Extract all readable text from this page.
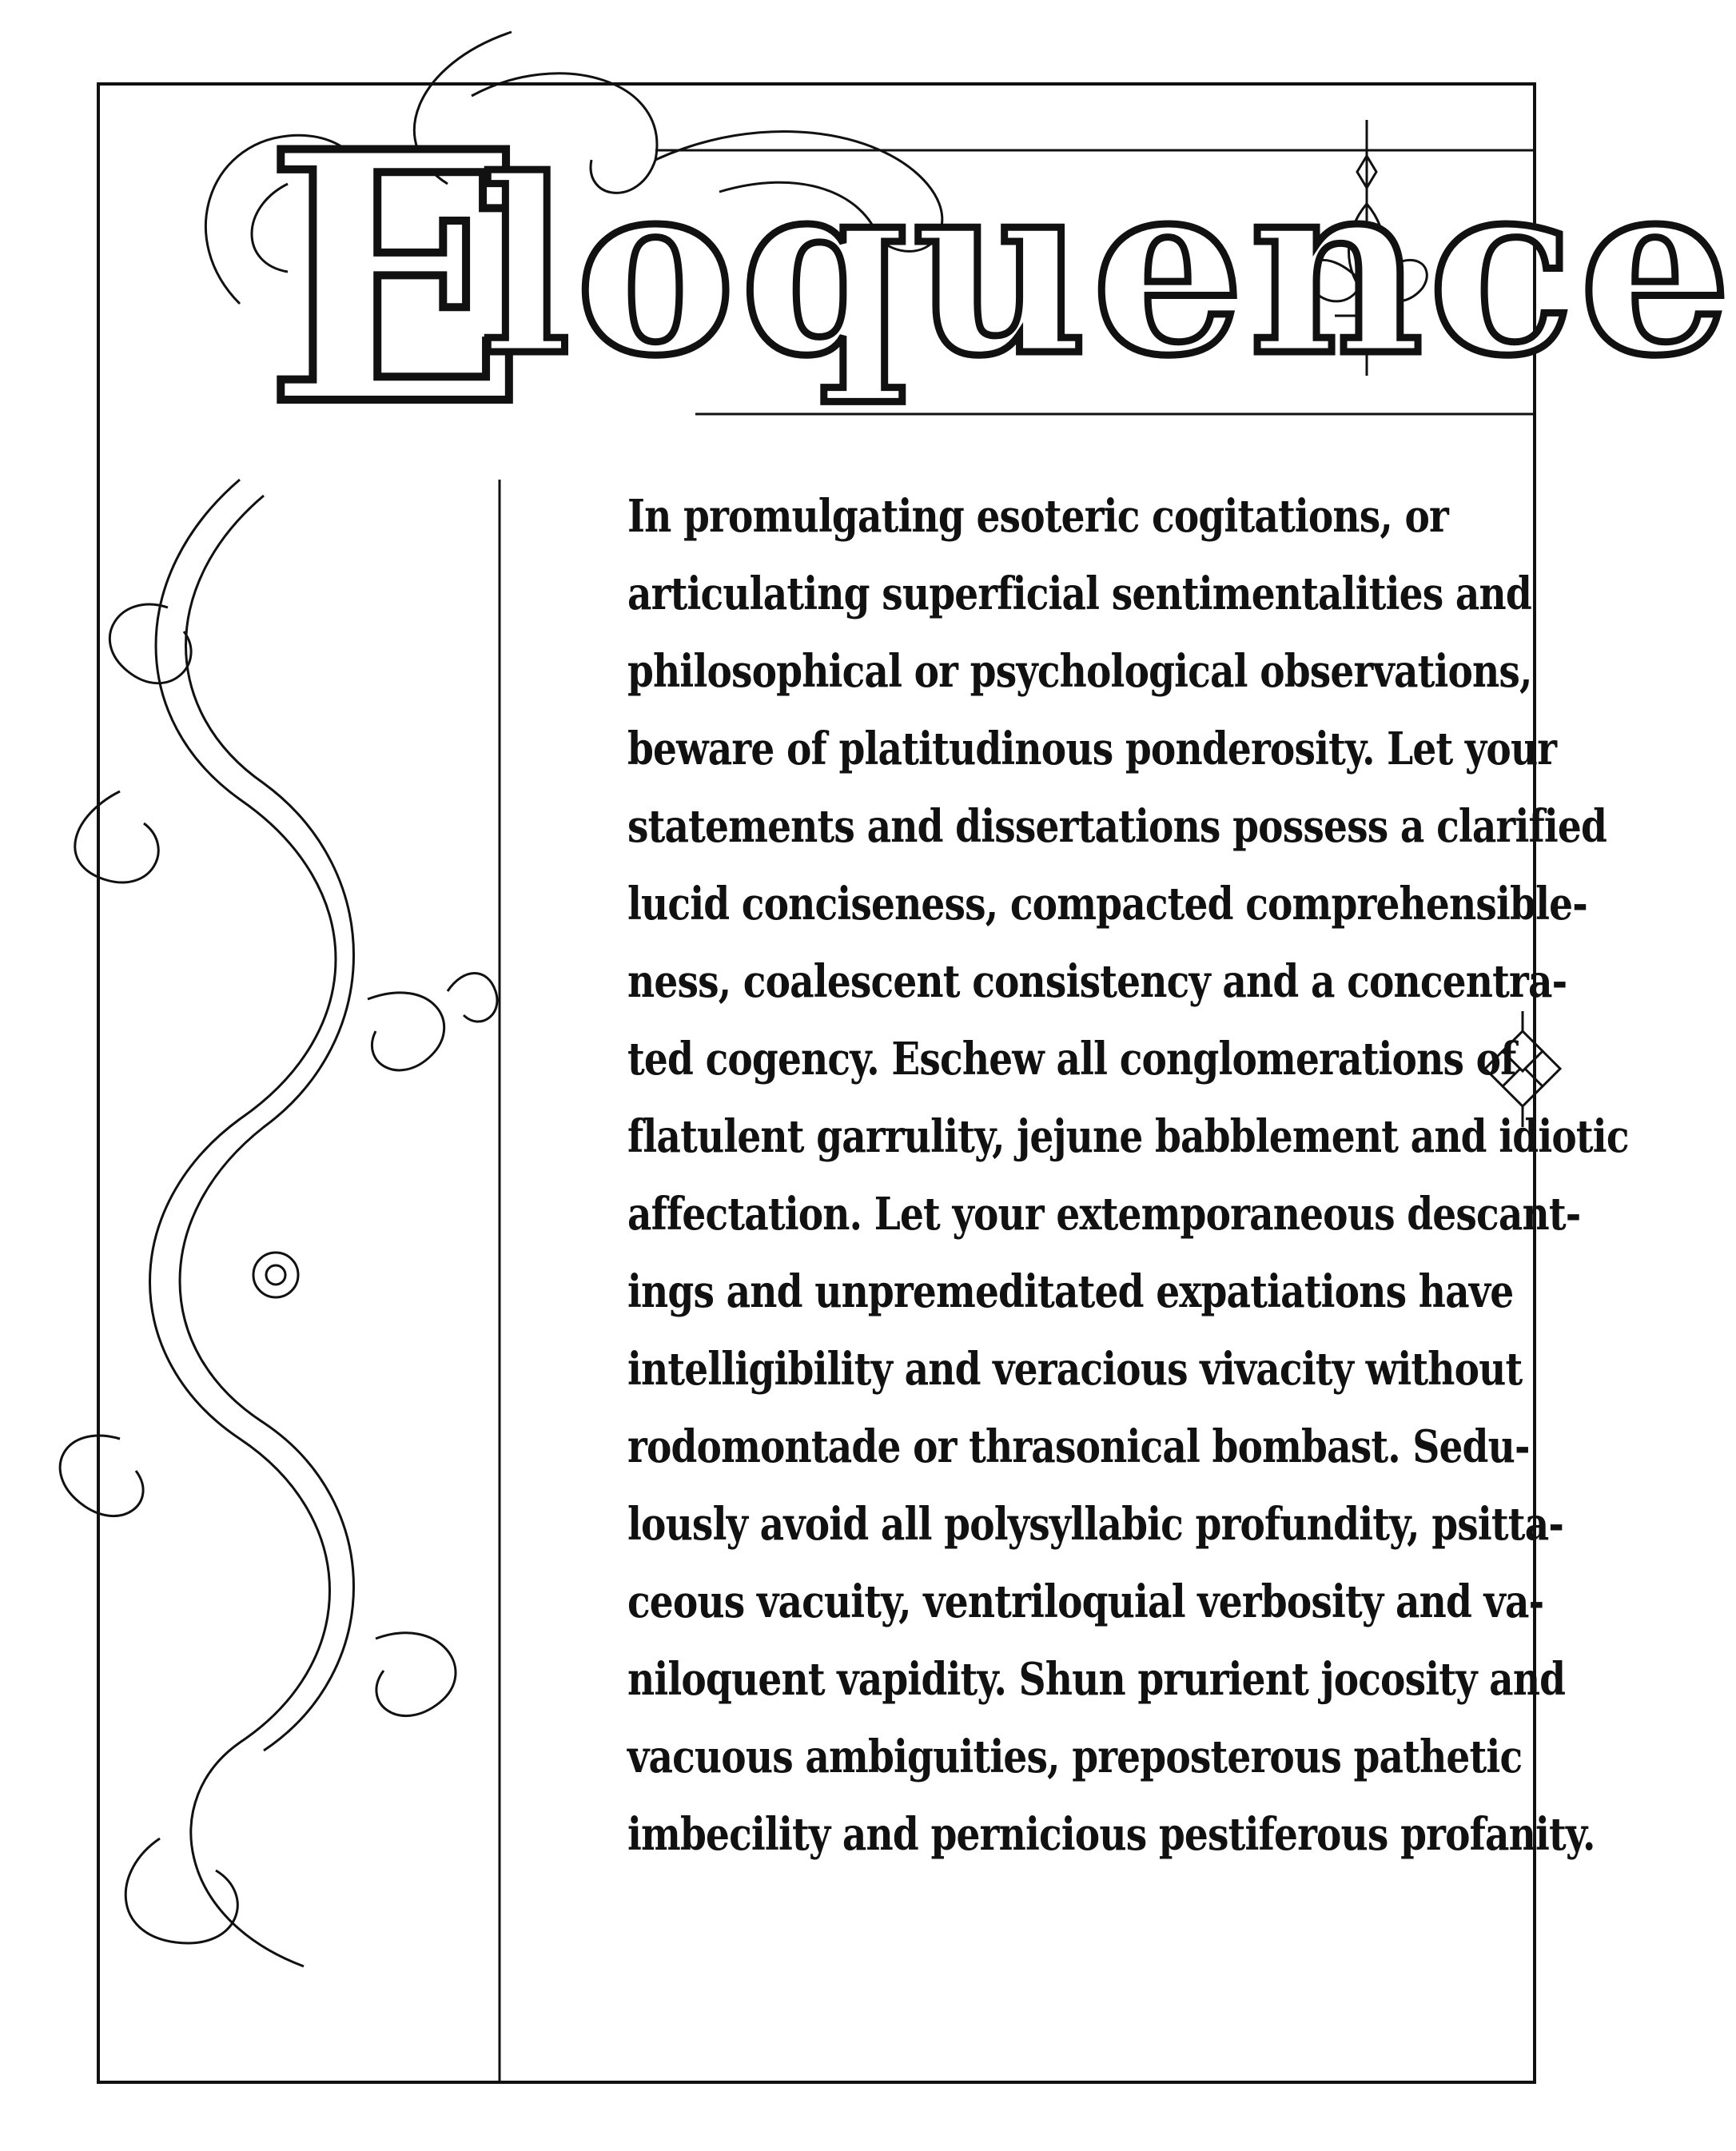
E
loquence
In promulgating esoteric cogitations, or
articulating superficial sentimentalities and
philosophical or psychological observations,
beware of platitudinous ponderosity. Let your
statements and dissertations possess a clarified
lucid conciseness, compacted comprehensible-
ness, coalescent consistency and a concentra-
ted cogency. Eschew all conglomerations of
flatulent garrulity, jejune babblement and idiotic
affectation. Let your extemporaneous descant-
ings and unpremeditated expatiations have
intelligibility and veracious vivacity without
rodomontade or thrasonical bombast. Sedu-
lously avoid all polysyllabic profundity, psitta-
ceous vacuity, ventriloquial verbosity and va-
niloquent vapidity. Shun prurient jocosity and
vacuous ambiguities, preposterous pathetic
imbecility and pernicious pestiferous profanity.
